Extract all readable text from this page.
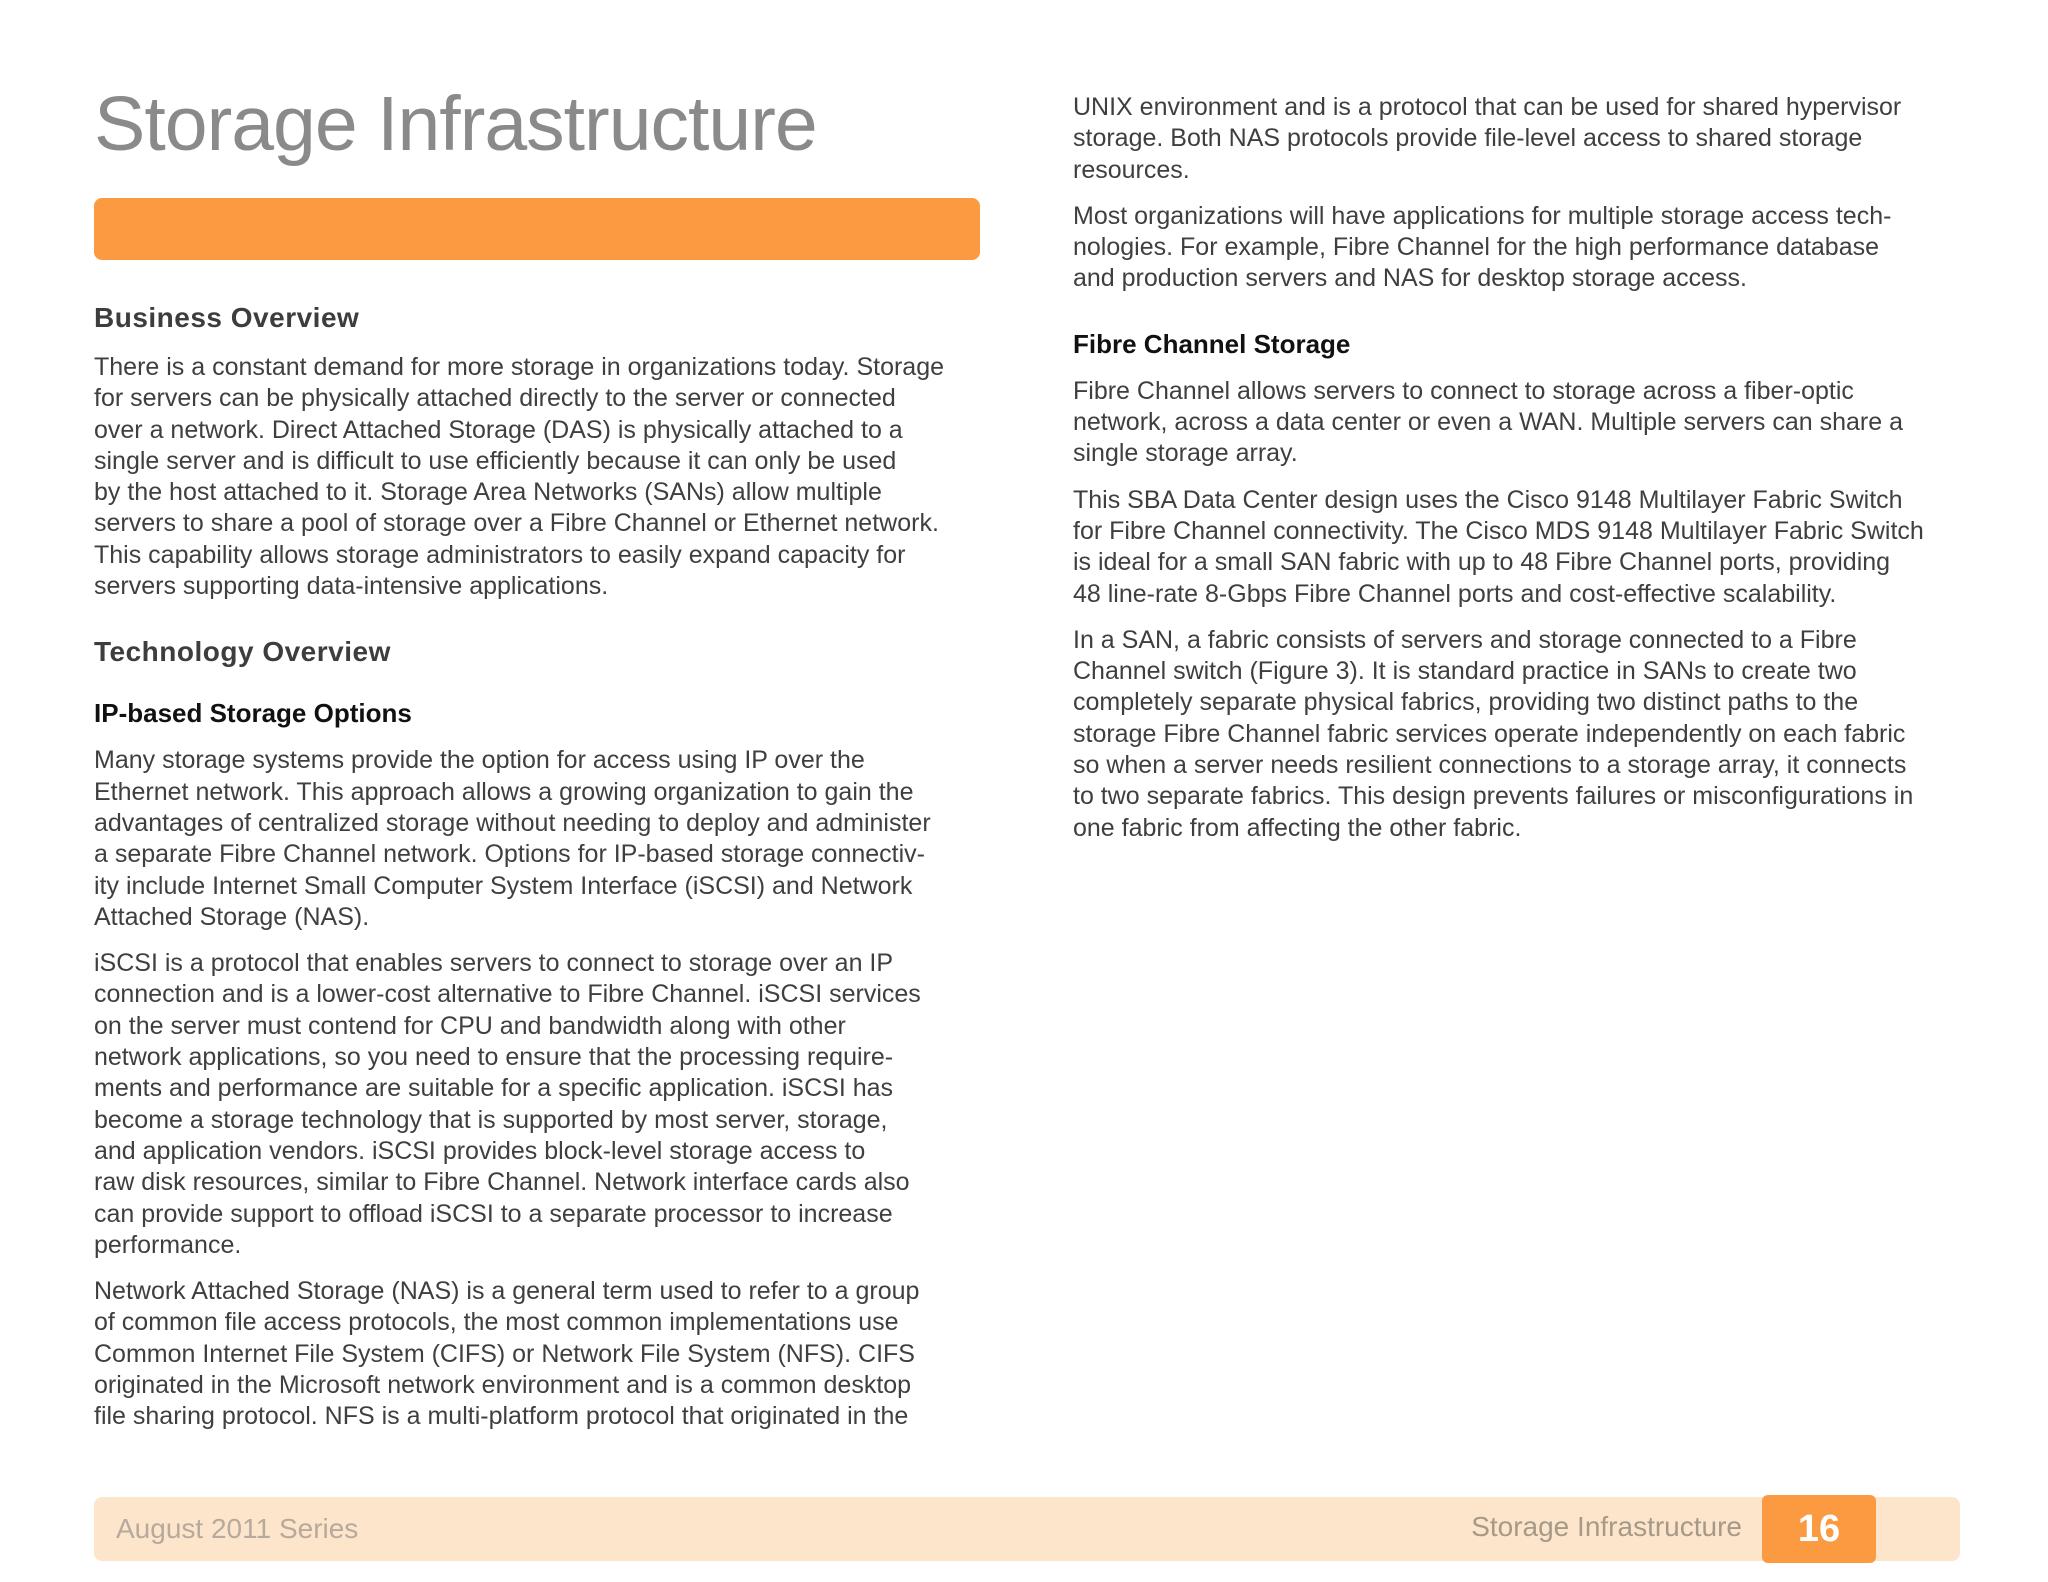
Storage Infrastructure
Business Overview

There is a constant demand for more storage in organizations today. Storage
for servers can be physically attached directly to the server or connected
over a network. Direct Attached Storage (DAS) is physically attached to a
single server and is difficult to use efficiently because it can only be used
by the host attached to it. Storage Area Networks (SANs) allow multiple
servers to share a pool of storage over a Fibre Channel or Ethernet network.
This capability allows storage administrators to easily expand capacity for
servers supporting data-intensive applications.

Technology Overview
IP-based Storage Options

Many storage systems provide the option for access using IP over the
Ethernet network. This approach allows a growing organization to gain the
advantages of centralized storage without needing to deploy and administer
a separate Fibre Channel network. Options for IP-based storage connectiv-
ity include Internet Small Computer System Interface (iSCSI) and Network
Attached Storage (NAS).

iSCSI is a protocol that enables servers to connect to storage over an IP
connection and is a lower-cost alternative to Fibre Channel. iSCSI services
on the server must contend for CPU and bandwidth along with other
network applications, so you need to ensure that the processing require-
ments and performance are suitable for a specific application. iSCSI has
become a storage technology that is supported by most server, storage,
and application vendors. iSCSI provides block-level storage access to
raw disk resources, similar to Fibre Channel. Network interface cards also
can provide support to offload iSCSI to a separate processor to increase
performance.

Network Attached Storage (NAS) is a general term used to refer to a group
of common file access protocols, the most common implementations use
Common Internet File System (CIFS) or Network File System (NFS). CIFS
originated in the Microsoft network environment and is a common desktop
file sharing protocol. NFS is a multi-platform protocol that originated in the

UNIX environment and is a protocol that can be used for shared hypervisor
storage. Both NAS protocols provide file-level access to shared storage
resources.

Most organizations will have applications for multiple storage access tech-
nologies. For example, Fibre Channel for the high performance database
and production servers and NAS for desktop storage access.

Fibre Channel Storage

Fibre Channel allows servers to connect to storage across a fiber-optic
network, across a data center or even a WAN. Multiple servers can share a
single storage array.

This SBA Data Center design uses the Cisco 9148 Multilayer Fabric Switch
for Fibre Channel connectivity. The Cisco MDS 9148 Multilayer Fabric Switch
is ideal for a small SAN fabric with up to 48 Fibre Channel ports, providing
48 line-rate 8-Gbps Fibre Channel ports and cost-effective scalability.

In a SAN, a fabric consists of servers and storage connected to a Fibre
Channel switch (Figure 3). It is standard practice in SANs to create two
completely separate physical fabrics, providing two distinct paths to the
storage Fibre Channel fabric services operate independently on each fabric
so when a server needs resilient connections to a storage array, it connects
to two separate fabrics. This design prevents failures or misconfigurations in
one fabric from affecting the other fabric.

August 2011 Series	Storage Infrastructure	16
